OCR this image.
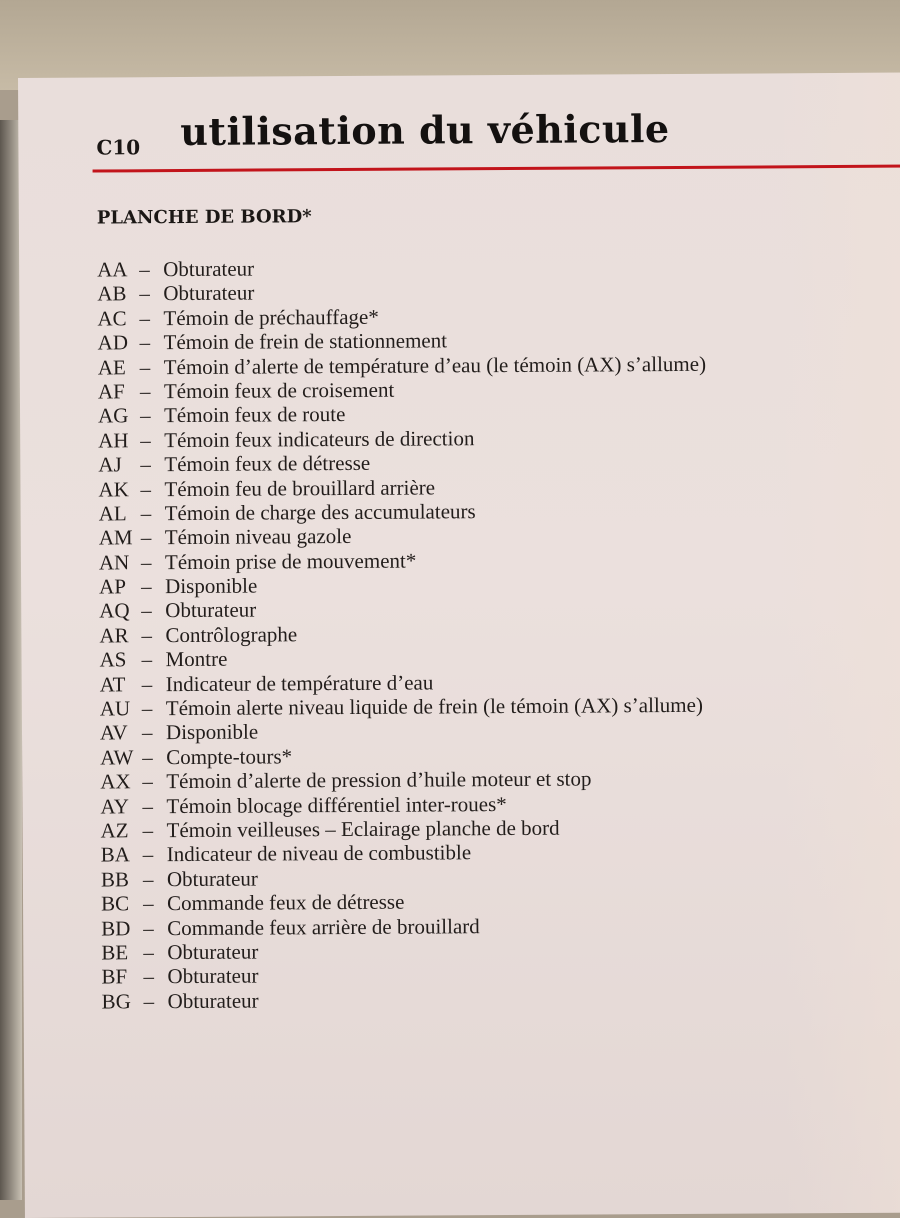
C10 utilisation du véhicule
PLANCHE DE BORD*
AA – Obturateur
AB – Obturateur
AC – Témoin de préchauffage*
AD – Témoin de frein de stationnement
AE – Témoin d’alerte de température d’eau (le témoin (AX) s’allume)
AF – Témoin feux de croisement
AG – Témoin feux de route
AH – Témoin feux indicateurs de direction
AJ – Témoin feux de détresse
AK – Témoin feu de brouillard arrière
AL – Témoin de charge des accumulateurs
AM – Témoin niveau gazole
AN – Témoin prise de mouvement*
AP – Disponible
AQ – Obturateur
AR – Contrôlographe
AS – Montre
AT – Indicateur de température d’eau
AU – Témoin alerte niveau liquide de frein (le témoin (AX) s’allume)
AV – Disponible
AW – Compte-tours*
AX – Témoin d’alerte de pression d’huile moteur et stop
AY – Témoin blocage différentiel inter-roues*
AZ – Témoin veilleuses – Eclairage planche de bord
BA – Indicateur de niveau de combustible
BB – Obturateur
BC – Commande feux de détresse
BD – Commande feux arrière de brouillard
BE – Obturateur
BF – Obturateur
BG – Obturateur
